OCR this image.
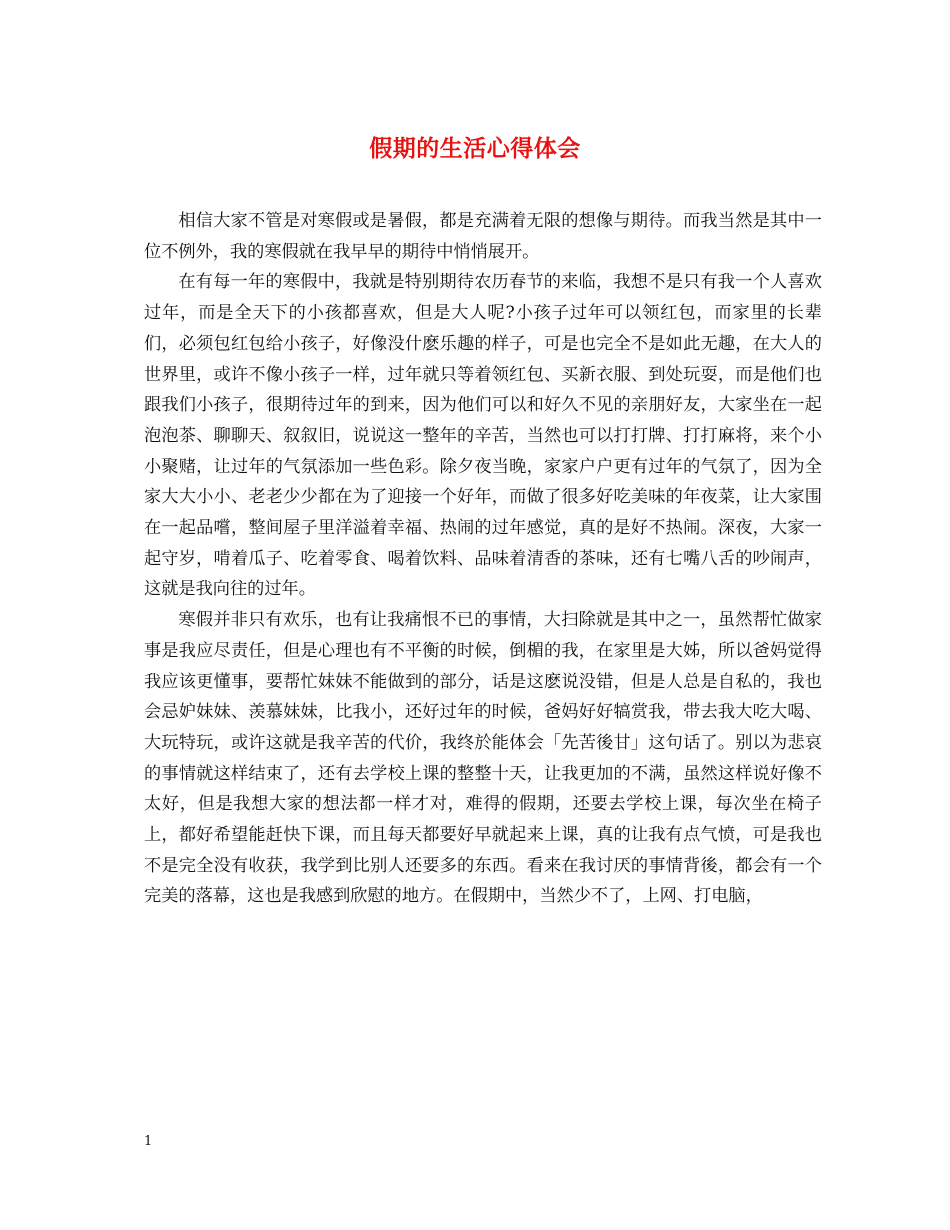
假期的生活心得体会

相信大家不管是对寒假或是暑假，都是充满着无限的想像与期待。而我当然是其中一位不例外，我的寒假就在我早早的期待中悄悄展开。

在有每一年的寒假中，我就是特别期待农历春节的来临，我想不是只有我一个人喜欢过年，而是全天下的小孩都喜欢，但是大人呢?小孩子过年可以领红包，而家里的长辈们，必须包红包给小孩子，好像没什麽乐趣的样子，可是也完全不是如此无趣，在大人的世界里，或许不像小孩子一样，过年就只等着领红包、买新衣服、到处玩耍，而是他们也跟我们小孩子，很期待过年的到来，因为他们可以和好久不见的亲朋好友，大家坐在一起泡泡茶、聊聊天、叙叙旧，说说这一整年的辛苦，当然也可以打打牌、打打麻将，来个小小聚赌，让过年的气氛添加一些色彩。除夕夜当晚，家家户户更有过年的气氛了，因为全家大大小小、老老少少都在为了迎接一个好年，而做了很多好吃美味的年夜菜，让大家围在一起品嚐，整间屋子里洋溢着幸福、热闹的过年感觉，真的是好不热闹。深夜，大家一起守岁，啃着瓜子、吃着零食、喝着饮料、品味着清香的茶味，还有七嘴八舌的吵闹声，这就是我向往的过年。

寒假并非只有欢乐，也有让我痛恨不已的事情，大扫除就是其中之一，虽然帮忙做家事是我应尽责任，但是心理也有不平衡的时候，倒楣的我，在家里是大姊，所以爸妈觉得我应该更懂事，要帮忙妹妹不能做到的部分，话是这麽说没错，但是人总是自私的，我也会忌妒妹妹、羡慕妹妹，比我小，还好过年的时候，爸妈好好犒赏我，带去我大吃大喝、大玩特玩，或许这就是我辛苦的代价，我终於能体会「先苦後甘」这句话了。别以为悲哀的事情就这样结束了，还有去学校上课的整整十天，让我更加的不满，虽然这样说好像不太好，但是我想大家的想法都一样才对，难得的假期，还要去学校上课，每次坐在椅子上，都好希望能赶快下课，而且每天都要好早就起来上课，真的让我有点气愤，可是我也不是完全没有收获，我学到比别人还要多的东西。看来在我讨厌的事情背後，都会有一个完美的落幕，这也是我感到欣慰的地方。在假期中，当然少不了，上网、打电脑，

1
